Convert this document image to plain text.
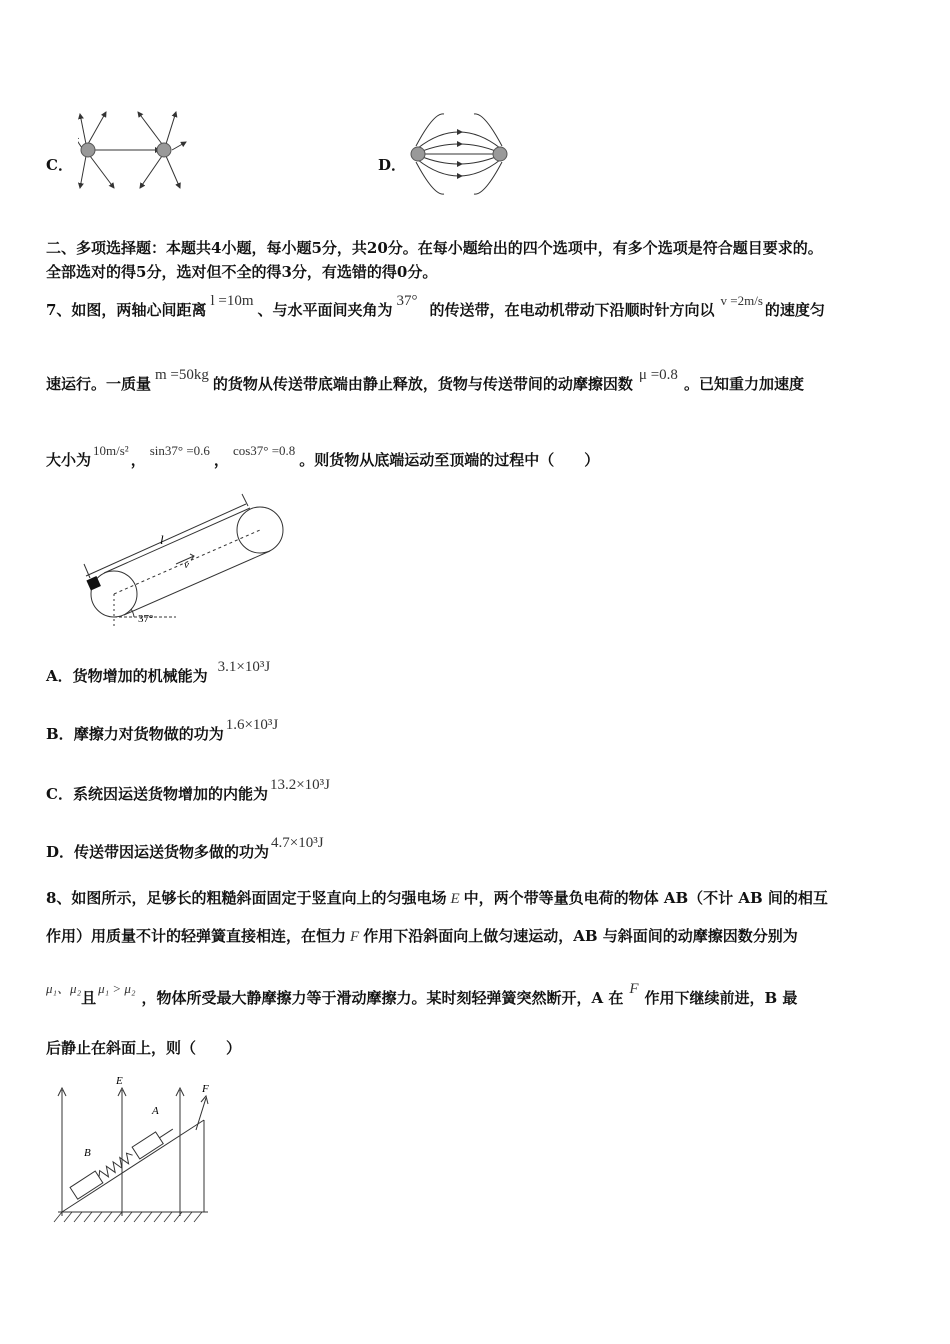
C．	D．
二、多项选择题：本题共4小题，每小题5分，共20分。在每小题给出的四个选项中，有多个选项是符合题目要求的。
全部选对的得5分，选对但不全的得3分，有选错的得0分。
7、如图，两轴心间距离 l =10m 、与水平面间夹角为 37° 的传送带，在电动机带动下沿顺时针方向以v =2m/s的速度匀
速运行。一质量 m =50kg 的货物从传送带底端由静止释放，货物与传送带间的动摩擦因数 μ =0.8 。已知重力加速度
大小为10m/s²，sin37° =0.6，cos37° =0.8。则货物从底端运动至顶端的过程中（　　）
l
v
37°
A．货物增加的机械能为 3.1×10³J
B．摩擦力对货物做的功为 1.6×10³J
C．系统因运送货物增加的内能为 13.2×10³J
D．传送带因运送货物多做的功为 4.7×10³J
8、如图所示，足够长的粗糙斜面固定于竖直向上的匀强电场 E 中，两个带等量负电荷的物体 AB（不计 AB 间的相互
作用）用质量不计的轻弹簧直接相连，在恒力 F 作用下沿斜面向上做匀速运动，AB 与斜面间的动摩擦因数分别为
μ₁、μ₂且μ₁ > μ₂，物体所受最大静摩擦力等于滑动摩擦力。某时刻轻弹簧突然断开，A 在 F 作用下继续前进，B 最
后静止在斜面上，则（　　）
E
F
A
B
